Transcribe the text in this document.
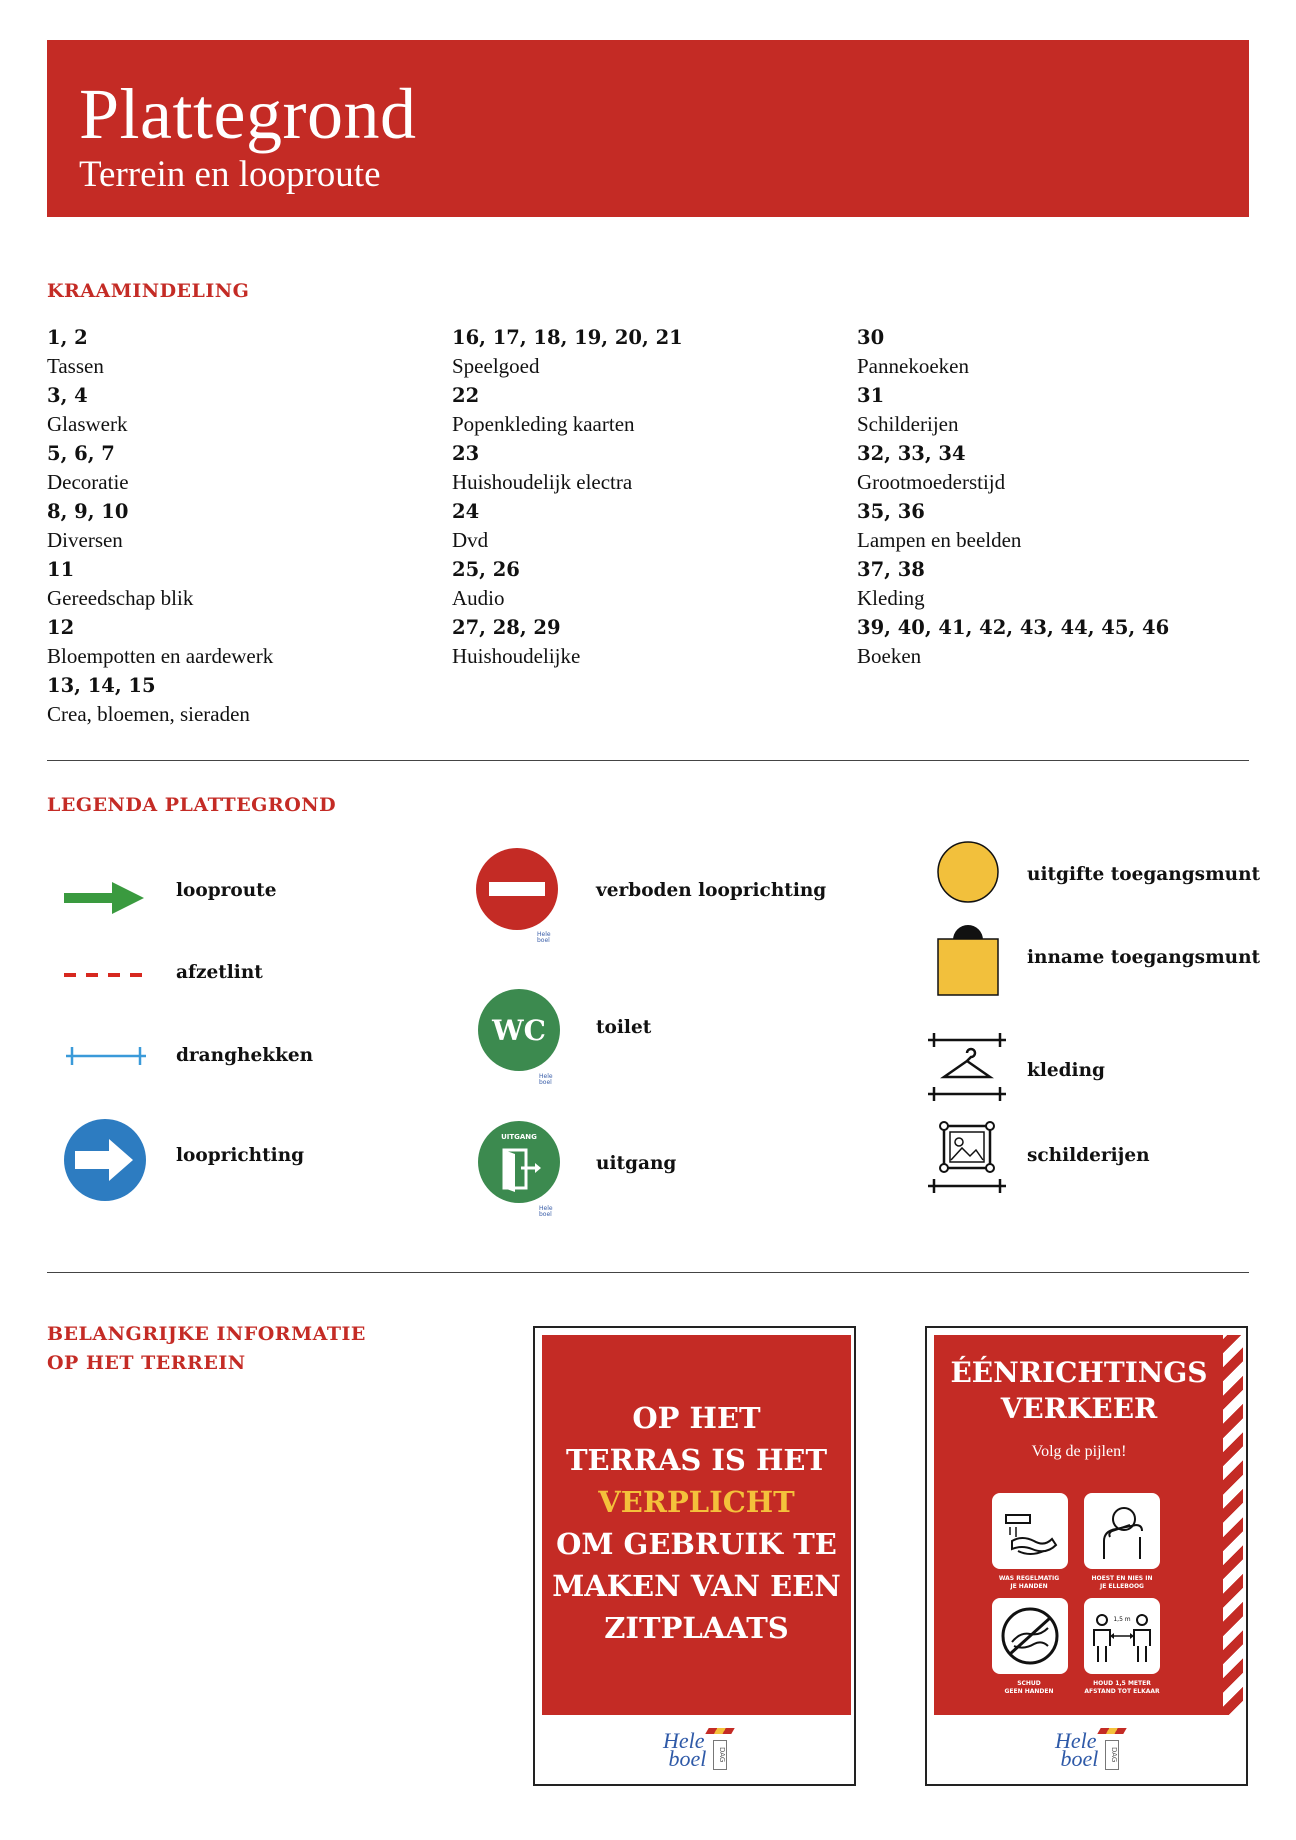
Plattegrond
Terrein en looproute
KRAAMINDELING
1, 2
Tassen
3, 4
Glaswerk
5, 6, 7
Decoratie
8, 9, 10
Diversen
11
Gereedschap blik
12
Bloempotten en aardewerk
13, 14, 15
Crea, bloemen, sieraden
16, 17, 18, 19, 20, 21
Speelgoed
22
Popenkleding kaarten
23
Huishoudelijk electra
24
Dvd
25, 26
Audio
27, 28, 29
Huishoudelijke
30
Pannekoeken
31
Schilderijen
32, 33, 34
Grootmoederstijd
35, 36
Lampen en beelden
37, 38
Kleding
39, 40, 41, 42, 43, 44, 45, 46
Boeken
LEGENDA PLATTEGROND
looproute
afzetlint
dranghekken
looprichting
Hele
boel
verboden looprichting
WC
Hele
boel
toilet
UITGANG
Hele
boel
uitgang
uitgifte toegangsmunt
inname toegangsmunt
kleding
schilderijen
BELANGRIJKE INFORMATIE
OP HET TERREIN
OP HET
TERRAS IS HET
VERPLICHT
OM GEBRUIK TE
MAKEN VAN EEN
ZITPLAATS
Hele
boel	DAG
ÉÉNRICHTINGS
VERKEER
Volg de pijlen!
WAS REGELMATIG
JE HANDEN
HOEST EN NIES IN
JE ELLEBOOG
1,5 m
SCHUD
GEEN HANDEN
HOUD 1,5 METER
AFSTAND TOT ELKAAR
Hele
boel	DAG
